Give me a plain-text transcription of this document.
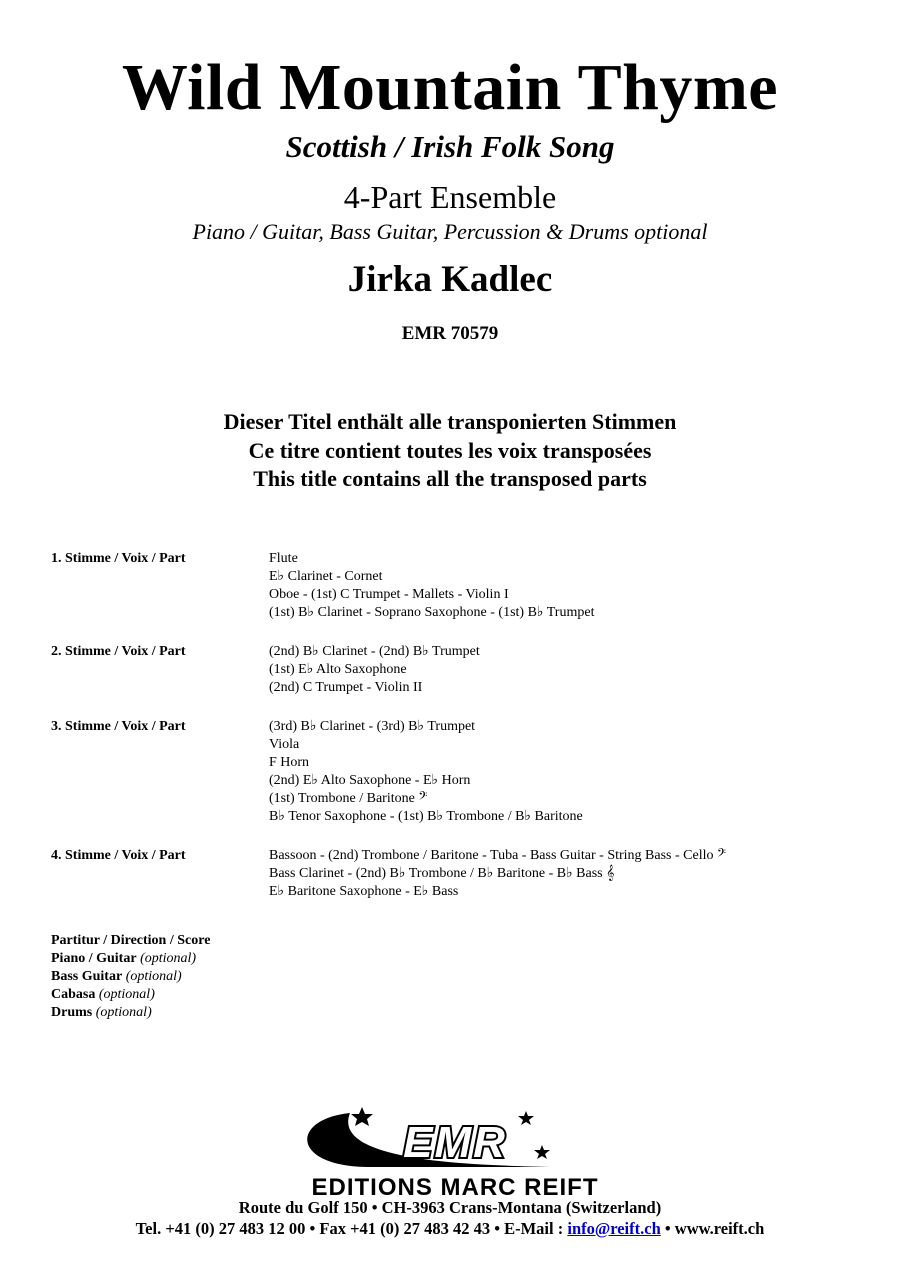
Wild Mountain Thyme
Scottish / Irish Folk Song
4-Part Ensemble
Piano / Guitar, Bass Guitar, Percussion & Drums optional
Jirka Kadlec
EMR 70579
Dieser Titel enthält alle transponierten Stimmen
Ce titre contient toutes les voix transposées
This title contains all the transposed parts
1. Stimme / Voix / Part	Flute
E♭ Clarinet - Cornet
Oboe - (1st) C Trumpet - Mallets - Violin I
(1st) B♭ Clarinet - Soprano Saxophone - (1st) B♭ Trumpet
2. Stimme / Voix / Part	(2nd) B♭ Clarinet - (2nd) B♭ Trumpet
(1st) E♭ Alto Saxophone
(2nd) C Trumpet - Violin II
3. Stimme / Voix / Part	(3rd) B♭ Clarinet - (3rd) B♭ Trumpet
Viola
F Horn
(2nd) E♭ Alto Saxophone - E♭ Horn
(1st) Trombone / Baritone 𝄢
B♭ Tenor Saxophone - (1st) B♭ Trombone / B♭ Baritone
4. Stimme / Voix / Part	Bassoon - (2nd) Trombone / Baritone - Tuba - Bass Guitar - String Bass - Cello 𝄢
Bass Clarinet - (2nd) B♭ Trombone / B♭ Baritone - B♭ Bass 𝄞
E♭ Baritone Saxophone - E♭ Bass
Partitur / Direction / Score
Piano / Guitar (optional)
Bass Guitar (optional)
Cabasa (optional)
Drums (optional)
EMR
EDITIONS MARC REIFT
Route du Golf 150 • CH-3963 Crans-Montana (Switzerland)
Tel. +41 (0) 27 483 12 00 • Fax +41 (0) 27 483 42 43 • E-Mail : info@reift.ch • www.reift.ch
